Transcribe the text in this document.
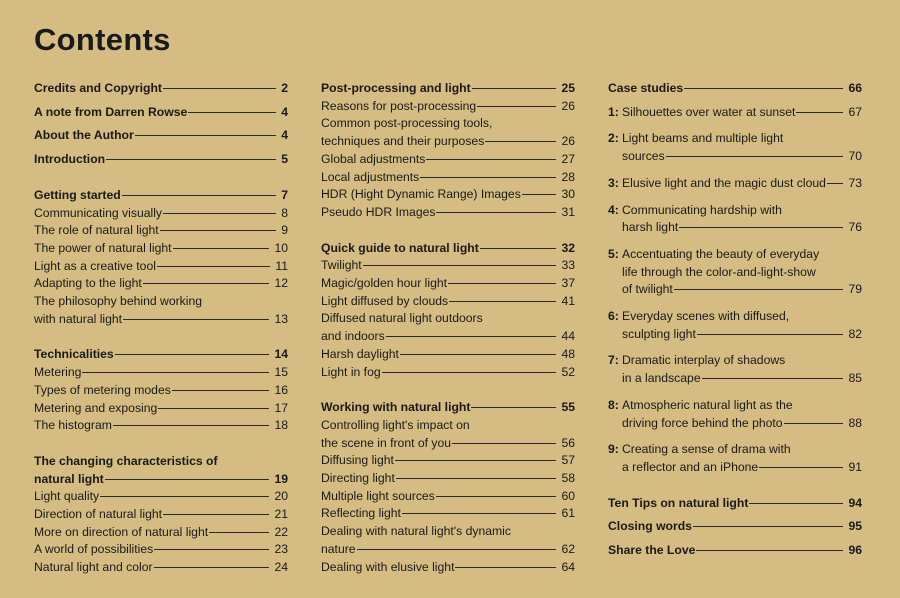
Contents
Credits and Copyright	2
A note from Darren Rowse	4
About the Author	4
Introduction	5
Getting started	7
Communicating visually	8
The role of natural light	9
The power of natural light	10
Light as a creative tool	11
Adapting to the light	12
The philosophy behind working
with natural light	13
Technicalities	14
Metering	15
Types of metering modes	16
Metering and exposing	17
The histogram	18
The changing characteristics of
natural light	19
Light quality	20
Direction of natural light	21
More on direction of natural light	22
A world of possibilities	23
Natural light and color	24
Post-processing and light	25
Reasons for post-processing	26
Common post-processing tools,
techniques and their purposes	26
Global adjustments	27
Local adjustments	28
HDR (Hight Dynamic Range) Images	30
Pseudo HDR Images	31
Quick guide to natural light	32
Twilight	33
Magic/golden hour light	37
Light diffused by clouds	41
Diffused natural light outdoors
and indoors	44
Harsh daylight	48
Light in fog	52
Working with natural light	55
Controlling light's impact on
the scene in front of you	56
Diffusing light	57
Directing light	58
Multiple light sources	60
Reflecting light	61
Dealing with natural light's dynamic
nature	62
Dealing with elusive light	64
Case studies	66
1: Silhouettes over water at sunset	67
2: Light beams and multiple light
sources	70
3: Elusive light and the magic dust cloud 73
4: Communicating hardship with
harsh light	76
5: Accentuating the beauty of everyday
life through the color-and-light-show
of twilight	79
6: Everyday scenes with diffused,
sculpting light	82
7: Dramatic interplay of shadows
in a landscape	85
8: Atmospheric natural light as the
driving force behind the photo	88
9: Creating a sense of drama with
a reflector and an iPhone	91
Ten Tips on natural light	94
Closing words	95
Share the Love	96
